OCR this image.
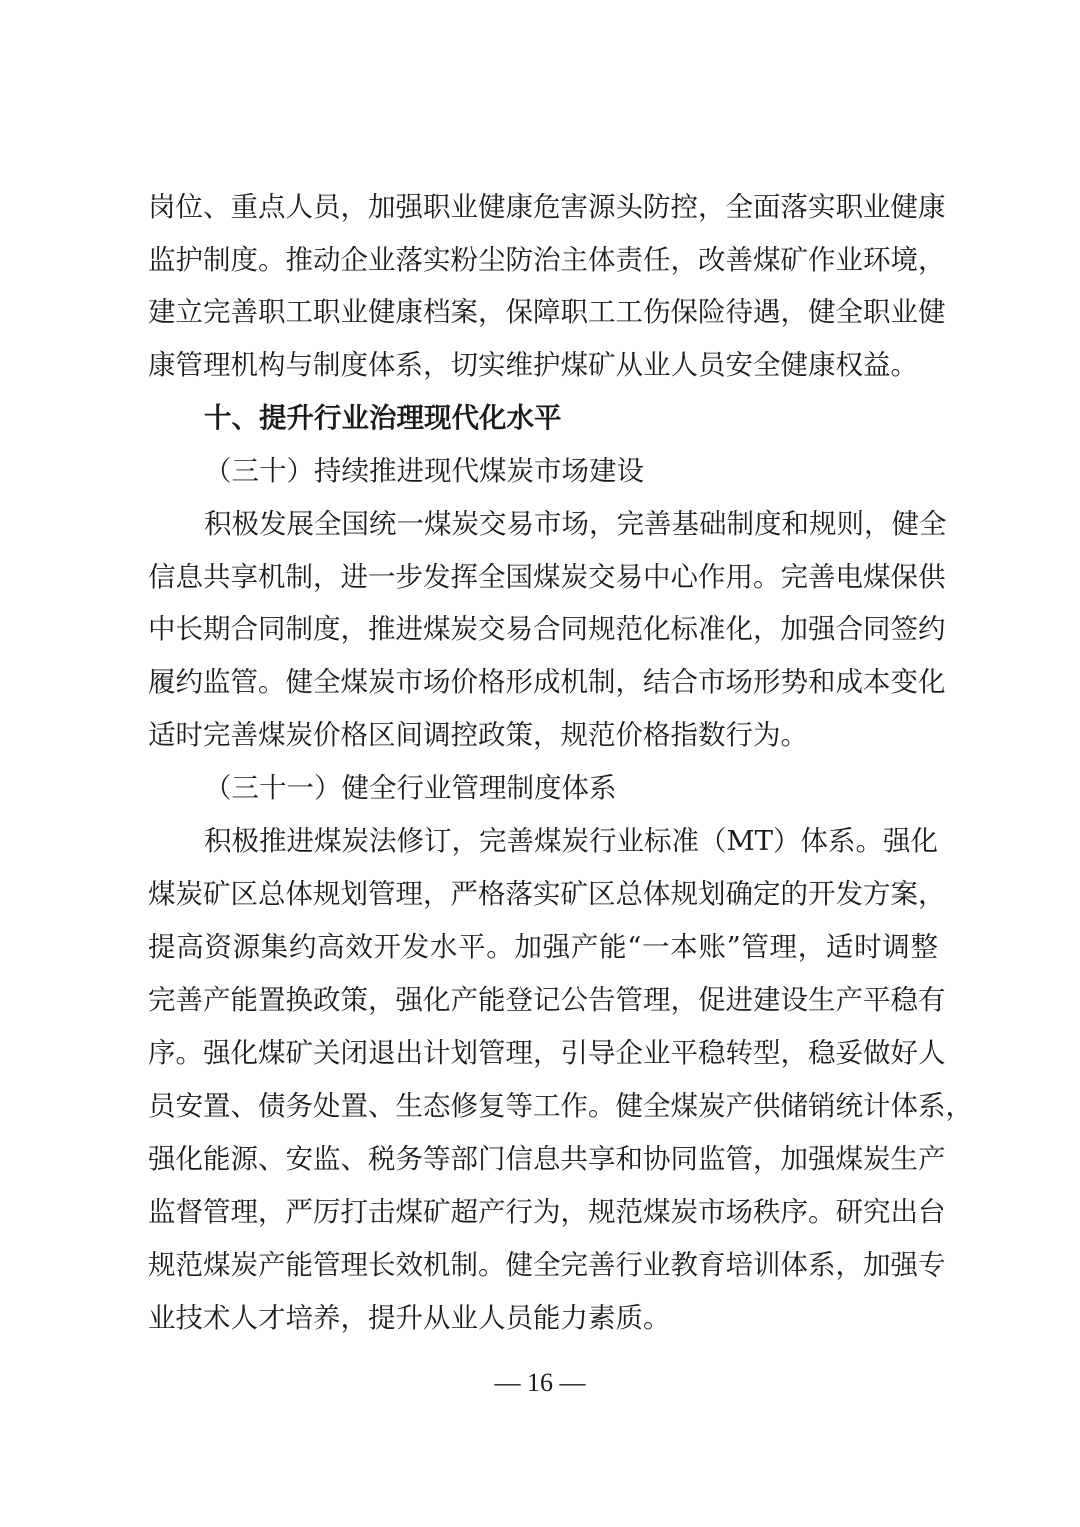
岗位、重点人员，加强职业健康危害源头防控，全面落实职业健康
监护制度。推动企业落实粉尘防治主体责任，改善煤矿作业环境，
建立完善职工职业健康档案，保障职工工伤保险待遇，健全职业健
康管理机构与制度体系，切实维护煤矿从业人员安全健康权益。
十、提升行业治理现代化水平
（三十）持续推进现代煤炭市场建设
积极发展全国统一煤炭交易市场，完善基础制度和规则，健全
信息共享机制，进一步发挥全国煤炭交易中心作用。完善电煤保供
中长期合同制度，推进煤炭交易合同规范化标准化，加强合同签约
履约监管。健全煤炭市场价格形成机制，结合市场形势和成本变化
适时完善煤炭价格区间调控政策，规范价格指数行为。
（三十一）健全行业管理制度体系
积极推进煤炭法修订，完善煤炭行业标准（MT）体系。强化
煤炭矿区总体规划管理，严格落实矿区总体规划确定的开发方案，
提高资源集约高效开发水平。加强产能“一本账”管理，适时调整
完善产能置换政策，强化产能登记公告管理，促进建设生产平稳有
序。强化煤矿关闭退出计划管理，引导企业平稳转型，稳妥做好人
员安置、债务处置、生态修复等工作。健全煤炭产供储销统计体系，
强化能源、安监、税务等部门信息共享和协同监管，加强煤炭生产
监督管理，严厉打击煤矿超产行为，规范煤炭市场秩序。研究出台
规范煤炭产能管理长效机制。健全完善行业教育培训体系，加强专
业技术人才培养，提升从业人员能力素质。
— 16 —
